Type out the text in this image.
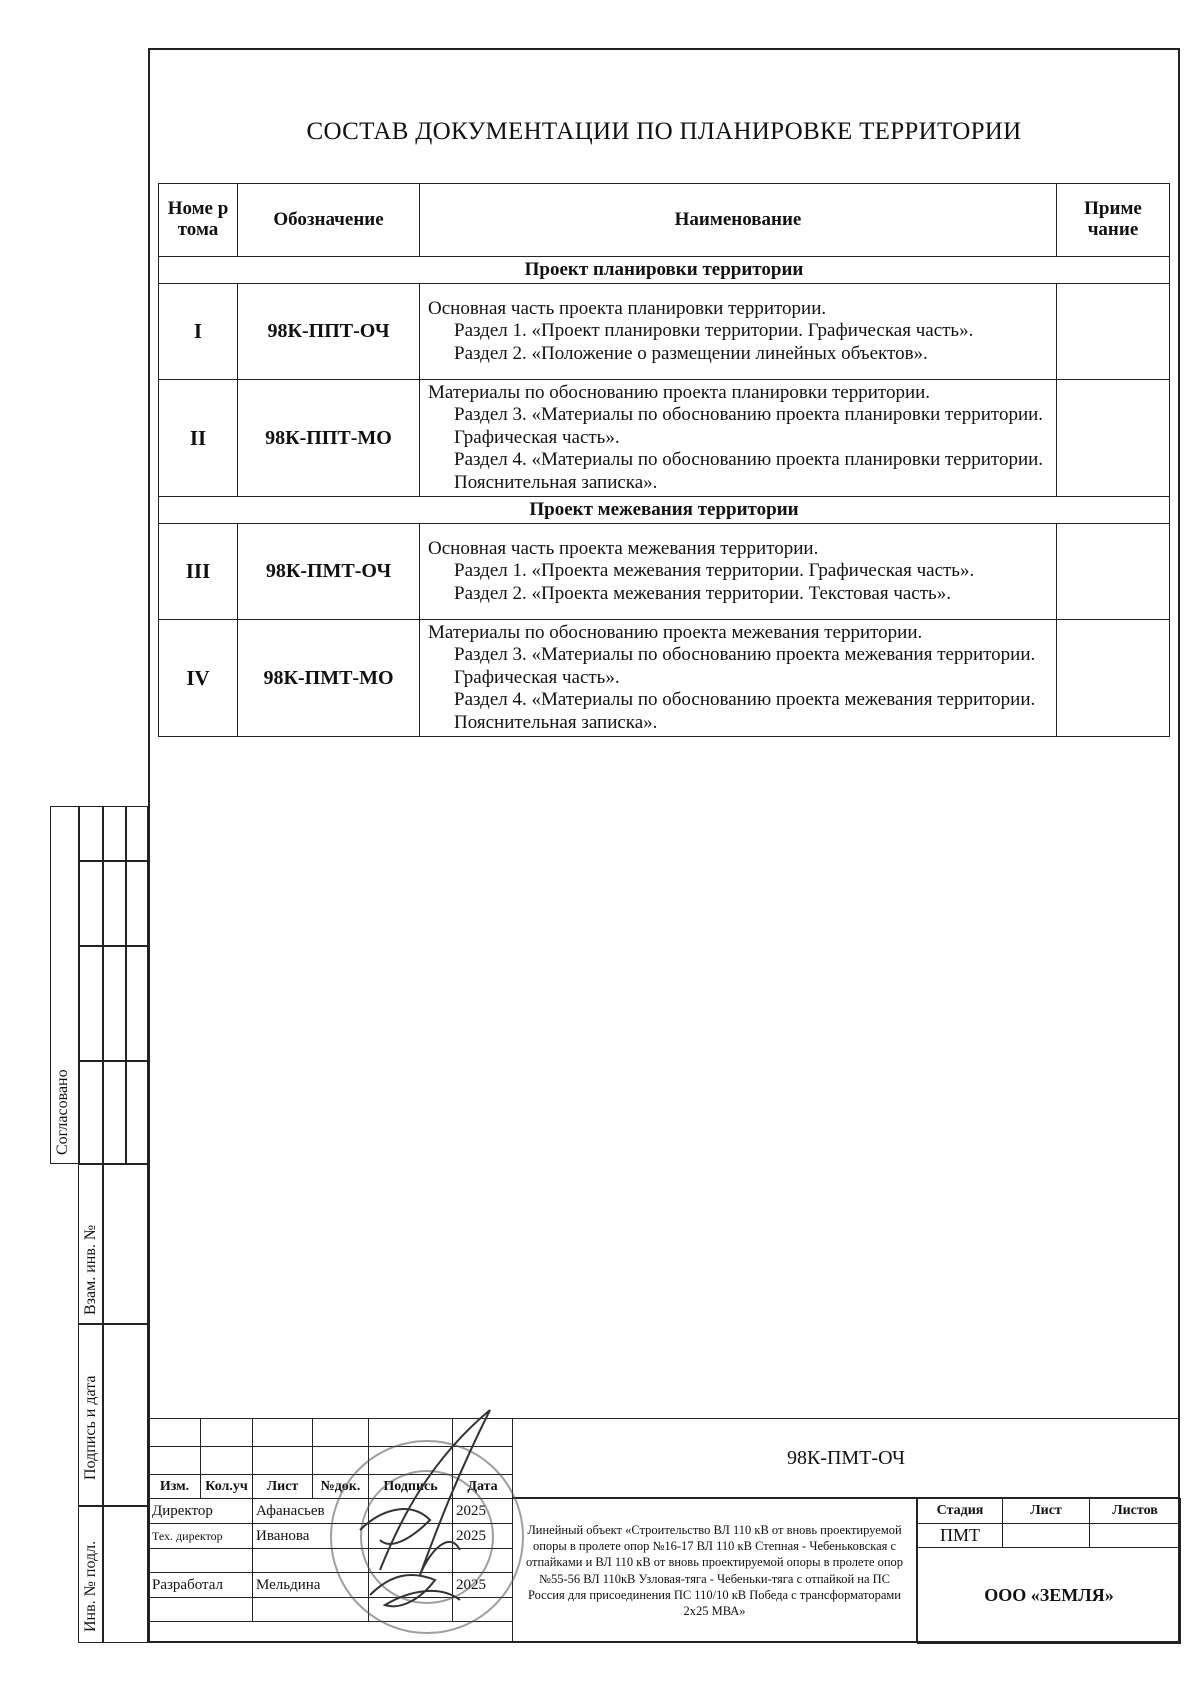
СОСТАВ ДОКУМЕНТАЦИИ ПО ПЛАНИРОВКЕ ТЕРРИТОРИИ
Номе р тома	Обозначение	Наименование	Приме чание
Проект планировки территории			
I	98К-ППТ-ОЧ	Основная часть проекта планировки территории.
Раздел 1. «Проект планировки территории. Графическая часть».
Раздел 2. «Положение о размещении линейных объектов».	

II	98К-ППТ-МО	Материалы по обоснованию проекта планировки территории.
Раздел 3. «Материалы по обоснованию проекта планировки территории. Графическая часть».
Раздел 4. «Материалы по обоснованию проекта планировки территории. Пояснительная записка».	

Проект межевания территории			
III	98К-ПМТ-ОЧ	Основная часть проекта межевания территории.
Раздел 1. «Проекта межевания территории. Графическая часть».
Раздел 2. «Проекта межевания территории. Текстовая часть».	

IV	98К-ПМТ-МО	Материалы по обоснованию проекта межевания территории.
Раздел 3. «Материалы по обоснованию проекта межевания территории. Графическая часть».
Раздел 4. «Материалы по обоснованию проекта межевания территории. Пояснительная записка».	

Согласовано
Взам. инв. №
Подпись и дата
Инв. № подл.

Изм.	Кол.уч	Лист	№док.	Подпись	Дата
Директор		Афанасьев			2025
Тех. директор		Иванова			2025

Разработал		Мельдина			2025

98К-ПМТ-ОЧ
Линейный объект «Строительство ВЛ 110 кВ от вновь проектируемой опоры в пролете опор №16-17 ВЛ 110 кВ Степная - Чебеньковская с отпайками и ВЛ 110 кВ от вновь проектируемой опоры в пролете опор №55-56 ВЛ 110кВ Узловая-тяга - Чебеньки-тяга с отпайкой на ПС Россия для присоединения ПС 110/10 кВ Победа с трансформаторами 2х25 МВА»
Стадия	Лист	Листов
ПМТ		
ООО «ЗЕМЛЯ»		
